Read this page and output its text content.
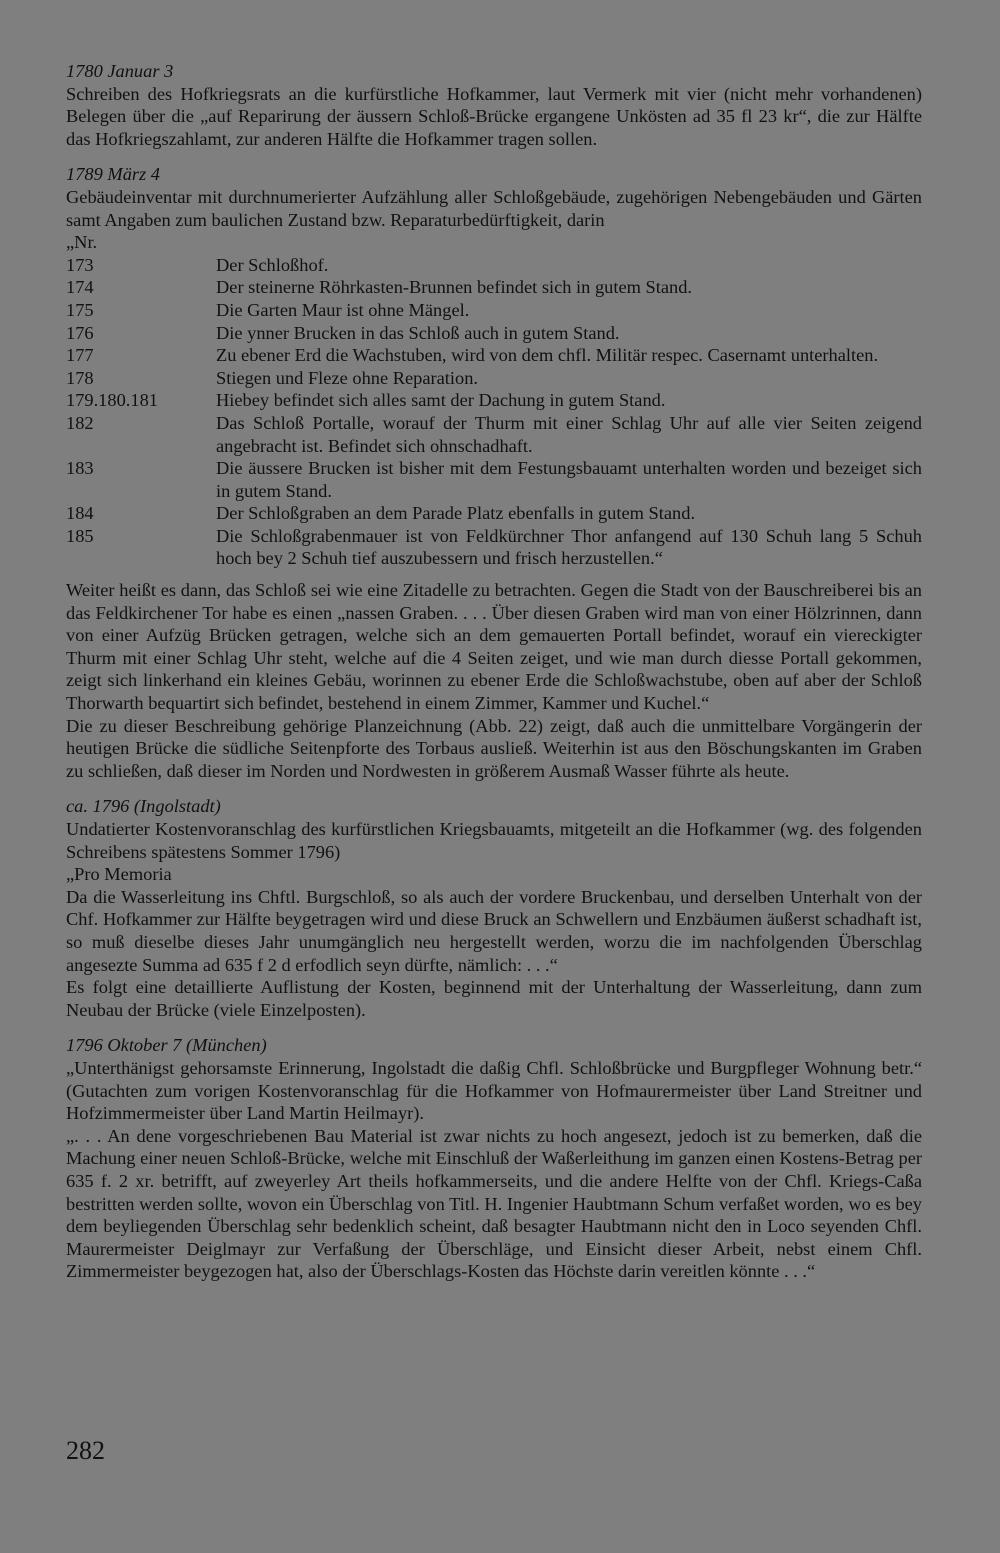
1780 Januar 3

Schreiben des Hofkriegsrats an die kurfürstliche Hofkammer, laut Vermerk mit vier (nicht mehr vorhandenen) Belegen über die „auf Reparirung der äussern Schloß-Brücke ergangene Unkösten ad 35 fl 23 kr“, die zur Hälfte das Hofkriegszahlamt, zur anderen Hälfte die Hofkammer tragen sollen.

1789 März 4

Gebäudeinventar mit durchnumerierter Aufzählung aller Schloßgebäude, zugehörigen Nebengebäuden und Gärten samt Angaben zum baulichen Zustand bzw. Reparaturbedürftigkeit, darin

„Nr.
173	Der Schloßhof.
174	Der steinerne Röhrkasten-Brunnen befindet sich in gutem Stand.
175	Die Garten Maur ist ohne Mängel.
176	Die ynner Brucken in das Schloß auch in gutem Stand.
177	Zu ebener Erd die Wachstuben, wird von dem chfl. Militär respec. Casernamt unterhalten.
178	Stiegen und Fleze ohne Reparation.
179.180.181	Hiebey befindet sich alles samt der Dachung in gutem Stand.
182	Das Schloß Portalle, worauf der Thurm mit einer Schlag Uhr auf alle vier Seiten zeigend angebracht ist. Befindet sich ohnschadhaft.
183	Die äussere Brucken ist bisher mit dem Festungsbauamt unterhalten worden und bezeiget sich in gutem Stand.
184	Der Schloßgraben an dem Parade Platz ebenfalls in gutem Stand.
185	Die Schloßgrabenmauer ist von Feldkürchner Thor anfangend auf 130 Schuh lang 5 Schuh hoch bey 2 Schuh tief auszubessern und frisch herzustellen.“

Weiter heißt es dann, das Schloß sei wie eine Zitadelle zu betrachten. Gegen die Stadt von der Bauschreiberei bis an das Feldkirchener Tor habe es einen „nassen Graben. . . . Über diesen Graben wird man von einer Hölzrinnen, dann von einer Aufzüg Brücken getragen, welche sich an dem gemauerten Portall befindet, worauf ein viereckigter Thurm mit einer Schlag Uhr steht, welche auf die 4 Seiten zeiget, und wie man durch diesse Portall gekommen, zeigt sich linkerhand ein kleines Gebäu, worinnen zu ebener Erde die Schloßwachstube, oben auf aber der Schloß Thorwarth bequartirt sich befindet, bestehend in einem Zimmer, Kammer und Kuchel.“

Die zu dieser Beschreibung gehörige Planzeichnung (Abb. 22) zeigt, daß auch die unmittelbare Vorgängerin der heutigen Brücke die südliche Seitenpforte des Torbaus ausließ. Weiterhin ist aus den Böschungskanten im Graben zu schließen, daß dieser im Norden und Nordwesten in größerem Ausmaß Wasser führte als heute.

ca. 1796 (Ingolstadt)

Undatierter Kostenvoranschlag des kurfürstlichen Kriegsbauamts, mitgeteilt an die Hofkammer (wg. des folgenden Schreibens spätestens Sommer 1796)

„Pro Memoria

Da die Wasserleitung ins Chftl. Burgschloß, so als auch der vordere Bruckenbau, und derselben Unterhalt von der Chf. Hofkammer zur Hälfte beygetragen wird und diese Bruck an Schwellern und Enzbäumen äußerst schadhaft ist, so muß dieselbe dieses Jahr unumgänglich neu hergestellt werden, worzu die im nachfolgenden Überschlag angesezte Summa ad 635 f 2 d erfodlich seyn dürfte, nämlich: . . .“

Es folgt eine detaillierte Auflistung der Kosten, beginnend mit der Unterhaltung der Wasserleitung, dann zum Neubau der Brücke (viele Einzelposten).

1796 Oktober 7 (München)

„Unterthänigst gehorsamste Erinnerung, Ingolstadt die daßig Chfl. Schloßbrücke und Burgpfleger Wohnung betr.“ (Gutachten zum vorigen Kostenvoranschlag für die Hofkammer von Hofmaurermeister über Land Streitner und Hofzimmermeister über Land Martin Heilmayr).

„. . . An dene vorgeschriebenen Bau Material ist zwar nichts zu hoch angesezt, jedoch ist zu bemerken, daß die Machung einer neuen Schloß-Brücke, welche mit Einschluß der Waßerleithung im ganzen einen Kostens-Betrag per 635 f. 2 xr. betrifft, auf zweyerley Art theils hofkammerseits, und die andere Helfte von der Chfl. Kriegs-Caßa bestritten werden sollte, wovon ein Überschlag von Titl. H. Ingenier Haubtmann Schum verfaßet worden, wo es bey dem beyliegenden Überschlag sehr bedenklich scheint, daß besagter Haubtmann nicht den in Loco seyenden Chfl. Maurermeister Deiglmayr zur Verfaßung der Überschläge, und Einsicht dieser Arbeit, nebst einem Chfl. Zimmermeister beygezogen hat, also der Überschlags-Kosten das Höchste darin vereitlen könnte . . .“

282
